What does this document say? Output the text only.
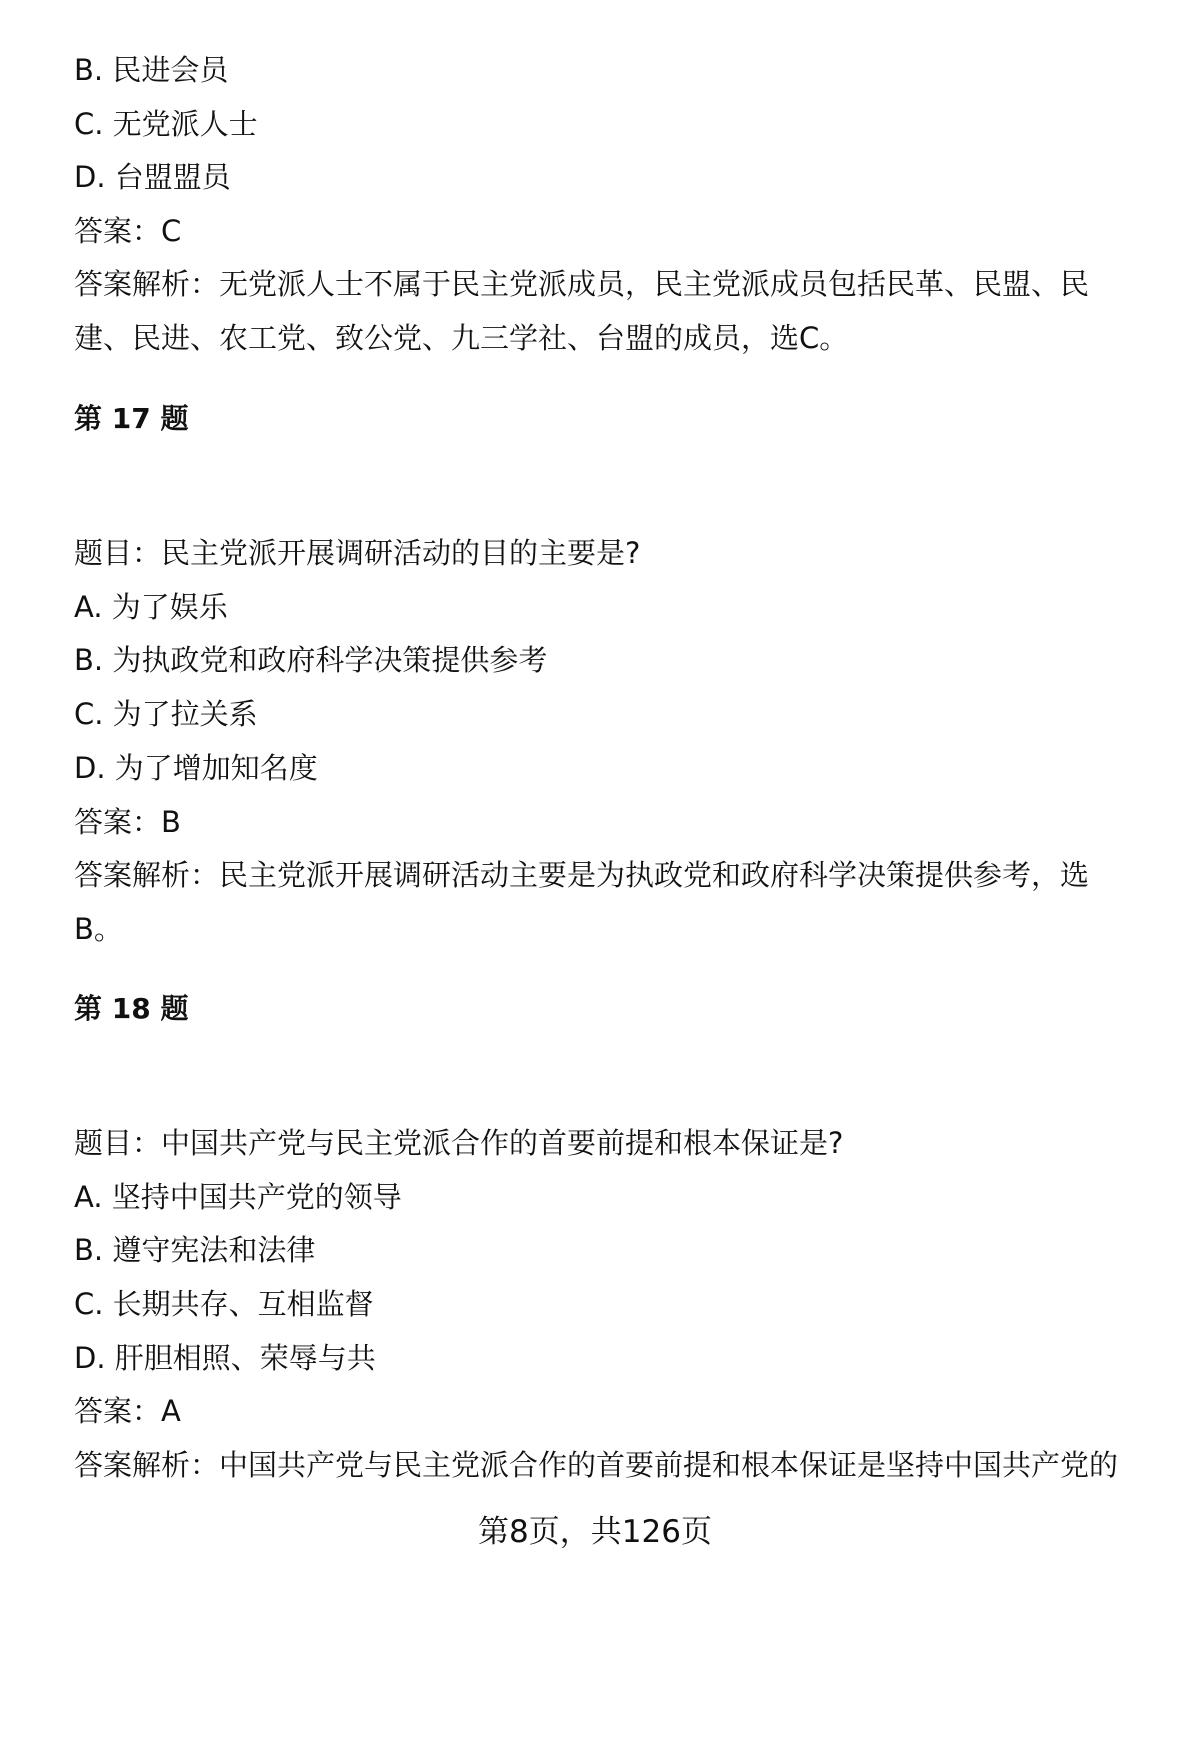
B. 民进会员
C. 无党派人士
D. 台盟盟员
答案：C
答案解析：无党派人士不属于民主党派成员，民主党派成员包括民革、民盟、民
建、民进、农工党、致公党、九三学社、台盟的成员，选C。
第 17 题
题目：民主党派开展调研活动的目的主要是?
A. 为了娱乐
B. 为执政党和政府科学决策提供参考
C. 为了拉关系
D. 为了增加知名度
答案：B
答案解析：民主党派开展调研活动主要是为执政党和政府科学决策提供参考，选
B。
第 18 题
题目：中国共产党与民主党派合作的首要前提和根本保证是?
A. 坚持中国共产党的领导
B. 遵守宪法和法律
C. 长期共存、互相监督
D. 肝胆相照、荣辱与共
答案：A
答案解析：中国共产党与民主党派合作的首要前提和根本保证是坚持中国共产党的
第8页，共126页
